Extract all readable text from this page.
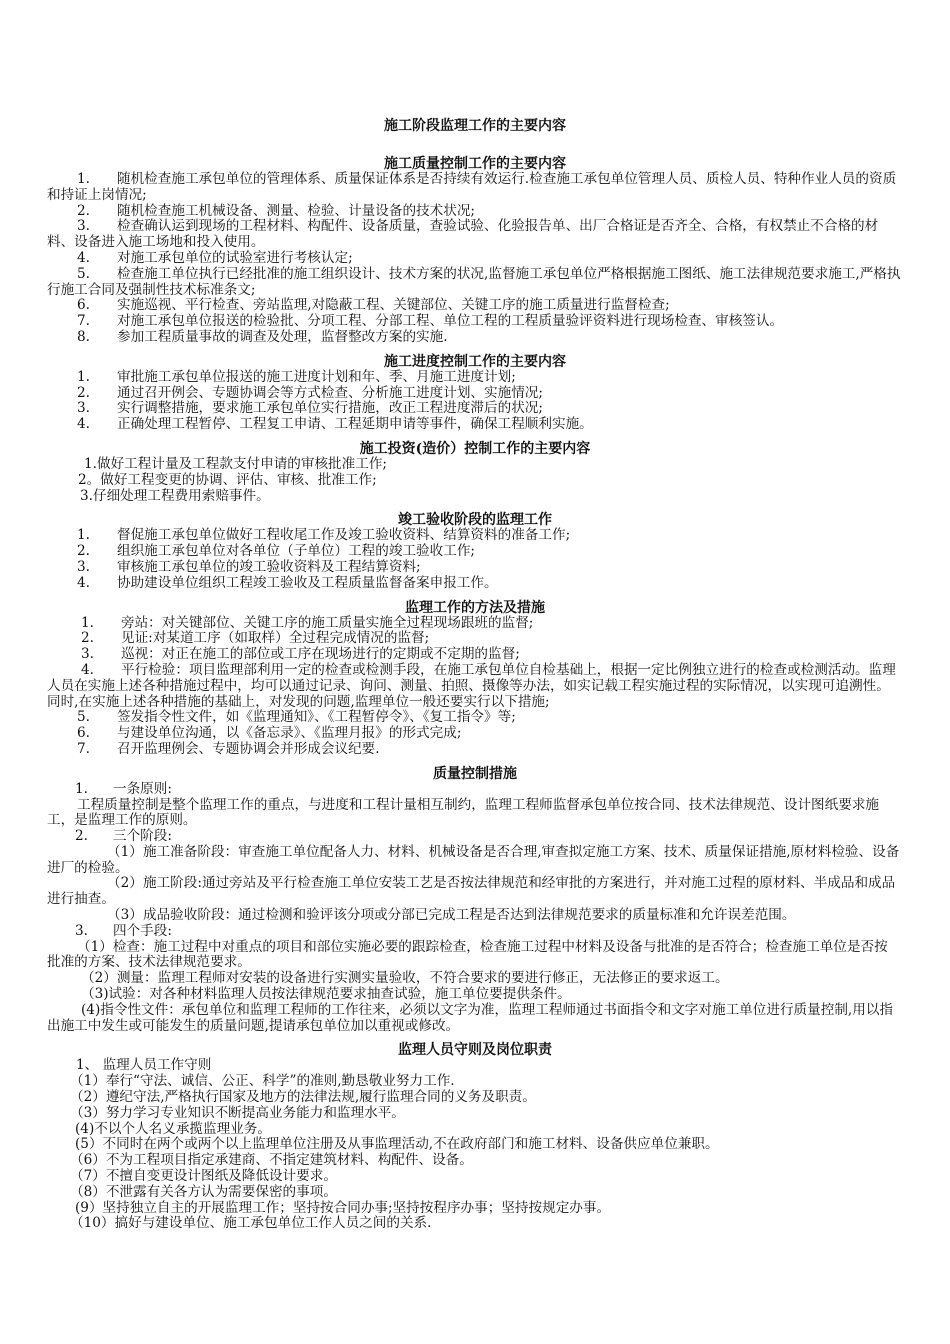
施工阶段监理工作的主要内容
施工质量控制工作的主要内容

1. 随机检查施工承包单位的管理体系、质量保证体系是否持续有效运行.检查施工承包单位管理人员、质检人员、特种作业人员的资质和持证上岗情况;

2. 随机检查施工机械设备、测量、检验、计量设备的技术状况;

3. 检查确认运到现场的工程材料、构配件、设备质量，查验试验、化验报告单、出厂合格证是否齐全、合格，有权禁止不合格的材料、设备进入施工场地和投入使用。

4. 对施工承包单位的试验室进行考核认定;

5. 检查施工单位执行已经批准的施工组织设计、技术方案的状况,监督施工承包单位严格根据施工图纸、施工法律规范要求施工,严格执行施工合同及强制性技术标准条文;

6. 实施巡视、平行检查、旁站监理,对隐蔽工程、关键部位、关键工序的施工质量进行监督检查;

7. 对施工承包单位报送的检验批、分项工程、分部工程、单位工程的工程质量验评资料进行现场检查、审核签认。

8. 参加工程质量事故的调查及处理，监督整改方案的实施.

施工进度控制工作的主要内容

1. 审批施工承包单位报送的施工进度计划和年、季、月施工进度计划;

2. 通过召开例会、专题协调会等方式检查、分析施工进度计划、实施情况;

3. 实行调整措施，要求施工承包单位实行措施，改正工程进度滞后的状况;

4. 正确处理工程暂停、工程复工申请、工程延期申请等事件，确保工程顺利实施。

施工投资(造价）控制工作的主要内容

1.做好工程计量及工程款支付申请的审核批准工作;

2。做好工程变更的协调、评估、审核、批准工作;

3.仔细处理工程费用索赔事件。

竣工验收阶段的监理工作

1. 督促施工承包单位做好工程收尾工作及竣工验收资料、结算资料的准备工作;

2. 组织施工承包单位对各单位（子单位）工程的竣工验收工作;

3. 审核施工承包单位的竣工验收资料及工程结算资料;

4. 协助建设单位组织工程竣工验收及工程质量监督备案申报工作。

监理工作的方法及措施

1. 旁站：对关键部位、关键工序的施工质量实施全过程现场跟班的监督;

2. 见证:对某道工序（如取样）全过程完成情况的监督;

3. 巡视：对正在施工的部位或工序在现场进行的定期或不定期的监督;

4. 平行检验：项目监理部利用一定的检查或检测手段，在施工承包单位自检基础上，根据一定比例独立进行的检查或检测活动。监理人员在实施上述各种措施过程中，均可以通过记录、询问、测量、拍照、摄像等办法，如实记载工程实施过程的实际情况，以实现可追溯性。同时,在实施上述各种措施的基础上，对发现的问题,监理单位一般还要实行以下措施;

5. 签发指令性文件，如《监理通知》、《工程暂停令》、《复工指令》等;

6. 与建设单位沟通，以《备忘录》、《监理月报》的形式完成;

7. 召开监理例会、专题协调会并形成会议纪要.

质量控制措施

1. 一条原则:

工程质量控制是整个监理工作的重点，与进度和工程计量相互制约，监理工程师监督承包单位按合同、技术法律规范、设计图纸要求施工，是监理工作的原则。

2. 三个阶段:

（1）施工准备阶段：审查施工单位配备人力、材料、机械设备是否合理,审查拟定施工方案、技术、质量保证措施,原材料检验、设备进厂的检验。

（2）施工阶段:通过旁站及平行检查施工单位安装工艺是否按法律规范和经审批的方案进行，并对施工过程的原材料、半成品和成品进行抽查。

（3）成品验收阶段：通过检测和验评该分项或分部已完成工程是否达到法律规范要求的质量标准和允许误差范围。

3. 四个手段:

（1）检查：施工过程中对重点的项目和部位实施必要的跟踪检查，检查施工过程中材料及设备与批准的是否符合；检查施工单位是否按批准的方案、技术法律规范要求。

（2）测量：监理工程师对安装的设备进行实测实量验收，不符合要求的要进行修正，无法修正的要求返工。

（3)试验：对各种材料监理人员按法律规范要求抽查试验，施工单位要提供条件。

(4)指令性文件：承包单位和监理工程师的工作往来，必须以文字为准，监理工程师通过书面指令和文字对施工单位进行质量控制,用以指出施工中发生或可能发生的质量问题,提请承包单位加以重视或修改。

监理人员守则及岗位职责

1、 监理人员工作守则

（1）奉行“守法、诚信、公正、科学”的准则,勤恳敬业努力工作.

（2）遵纪守法,严格执行国家及地方的法律法规,履行监理合同的义务及职责。

（3）努力学习专业知识不断提高业务能力和监理水平。

(4)不以个人名义承揽监理业务。

(5）不同时在两个或两个以上监理单位注册及从事监理活动,不在政府部门和施工材料、设备供应单位兼职。

（6）不为工程项目指定承建商、不指定建筑材料、构配件、设备。

（7）不擅自变更设计图纸及降低设计要求。

（8）不泄露有关各方认为需要保密的事项。

(9）坚持独立自主的开展监理工作；坚持按合同办事;坚持按程序办事；坚持按规定办事。

（10）搞好与建设单位、施工承包单位工作人员之间的关系.
